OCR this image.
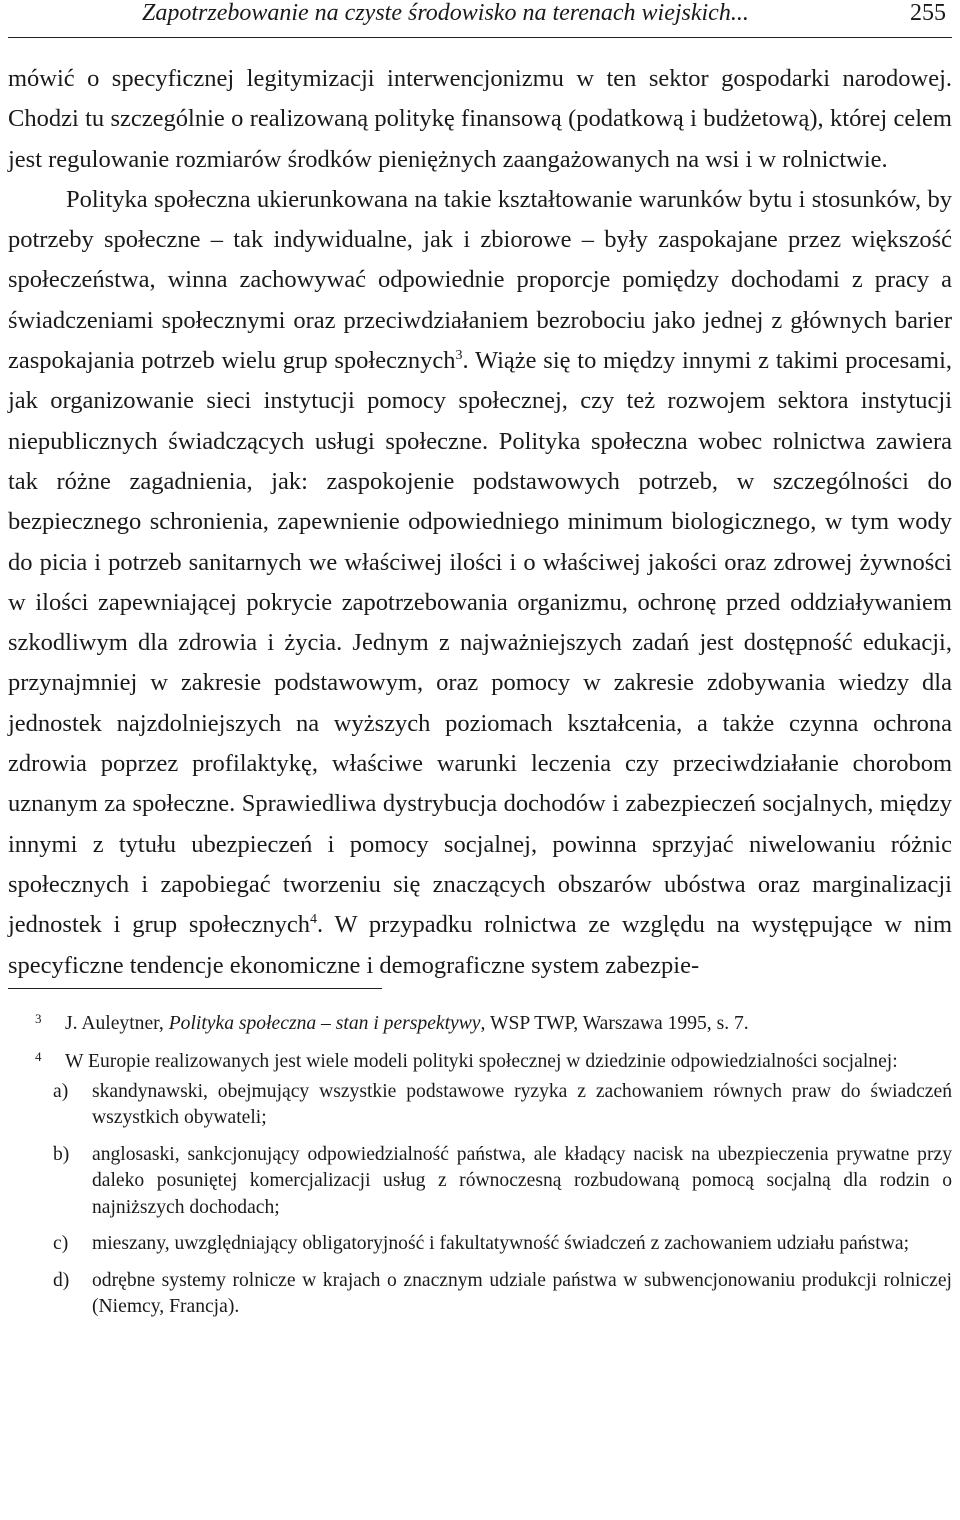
Zapotrzebowanie na czyste środowisko na terenach wiejskich...	255

mówić o specyficznej legitymizacji interwencjonizmu w ten sektor gospodarki narodowej. Chodzi tu szczególnie o realizowaną politykę finansową (podatkową i budżetową), której celem jest regulowanie rozmiarów środków pieniężnych zaangażowanych na wsi i w rolnictwie.

Polityka społeczna ukierunkowana na takie kształtowanie warunków bytu i stosunków, by potrzeby społeczne – tak indywidualne, jak i zbiorowe – były zaspokajane przez większość społeczeństwa, winna zachowywać odpowiednie proporcje pomiędzy dochodami z pracy a świadczeniami społecznymi oraz przeciwdziałaniem bezrobociu jako jednej z głównych barier zaspokajania potrzeb wielu grup społecznych$^3$. Wiąże się to między innymi z takimi procesami, jak organizowanie sieci instytucji pomocy społecznej, czy też rozwojem sektora instytucji niepublicznych świadczących usługi społeczne. Polityka społeczna wobec rolnictwa zawiera tak różne zagadnienia, jak: zaspokojenie podstawowych potrzeb, w szczególności do bezpiecznego schronienia, zapewnienie odpowiedniego minimum biologicznego, w tym wody do picia i potrzeb sanitarnych we właściwej ilości i o właściwej jakości oraz zdrowej żywności w ilości zapewniającej pokrycie zapotrzebowania organizmu, ochronę przed oddziaływaniem szkodliwym dla zdrowia i życia. Jednym z najważniejszych zadań jest dostępność edukacji, przynajmniej w zakresie podstawowym, oraz pomocy w zakresie zdobywania wiedzy dla jednostek najzdolniejszych na wyższych poziomach kształcenia, a także czynna ochrona zdrowia poprzez profilaktykę, właściwe warunki leczenia czy przeciwdziałanie chorobom uznanym za społeczne. Sprawiedliwa dystrybucja dochodów i zabezpieczeń socjalnych, między innymi z tytułu ubezpieczeń i pomocy socjalnej, powinna sprzyjać niwelowaniu różnic społecznych i zapobiegać tworzeniu się znaczących obszarów ubóstwa oraz marginalizacji jednostek i grup społecznych$^4$. W przypadku rolnictwa ze względu na występujące w nim specyficzne tendencje ekonomiczne i demograficzne system zabezpie-

3 J. Auleytner, Polityka społeczna – stan i perspektywy, WSP TWP, Warszawa 1995, s. 7.

4 W Europie realizowanych jest wiele modeli polityki społecznej w dziedzinie odpowiedzialności socjalnej:
a)	skandynawski, obejmujący wszystkie podstawowe ryzyka z zachowaniem równych praw do świadczeń wszystkich obywateli;
b)	anglosaski, sankcjonujący odpowiedzialność państwa, ale kładący nacisk na ubezpieczenia prywatne przy daleko posuniętej komercjalizacji usług z równoczesną rozbudowaną pomocą socjalną dla rodzin o najniższych dochodach;
c)	mieszany, uwzględniający obligatoryjność i fakultatywność świadczeń z zachowaniem udziału państwa;
d)	odrębne systemy rolnicze w krajach o znacznym udziale państwa w subwencjonowaniu produkcji rolniczej (Niemcy, Francja).
